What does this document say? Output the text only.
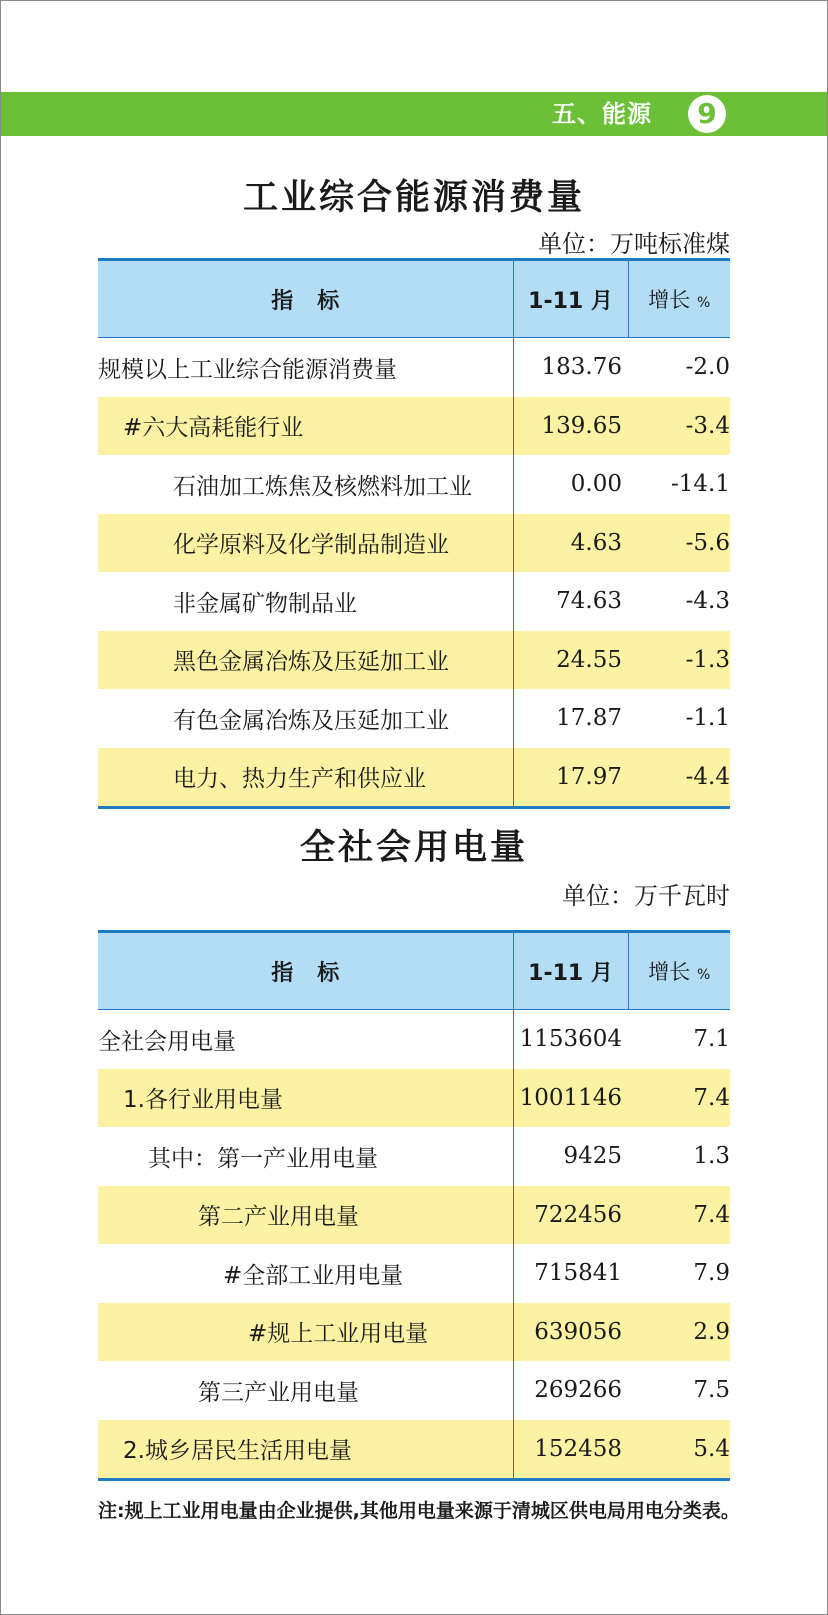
五、能源	9
工业综合能源消费量
单位：万吨标准煤
指标	1-11 月	增长 %
规模以上工业综合能源消费量	183.76	-2.0
#六大高耗能行业	139.65	-3.4
石油加工炼焦及核燃料加工业	0.00	-14.1
化学原料及化学制品制造业	4.63	-5.6
非金属矿物制品业	74.63	-4.3
黑色金属冶炼及压延加工业	24.55	-1.3
有色金属冶炼及压延加工业	17.87	-1.1
电力、热力生产和供应业	17.97	-4.4
全社会用电量
单位：万千瓦时
指标	1-11 月	增长 %
全社会用电量	1153604	7.1
1.各行业用电量	1001146	7.4
其中：第一产业用电量	9425	1.3
第二产业用电量	722456	7.4
#全部工业用电量	715841	7.9
#规上工业用电量	639056	2.9
第三产业用电量	269266	7.5
2.城乡居民生活用电量	152458	5.4
注:规上工业用电量由企业提供,其他用电量来源于清城区供电局用电分类表。
